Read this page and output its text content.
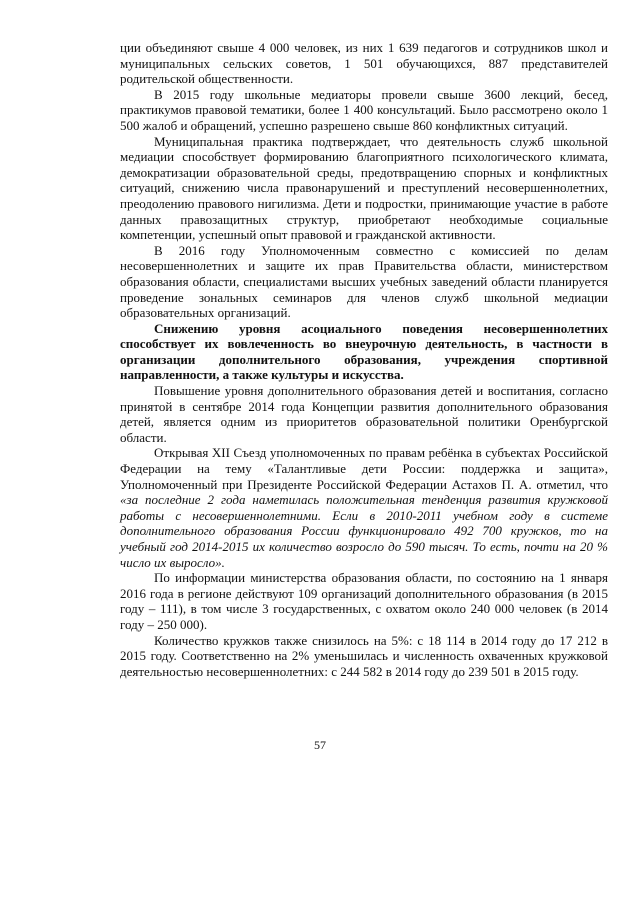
ции объединяют свыше 4 000 человек, из них 1 639 педагогов и сотрудников школ и муниципальных сельских советов, 1 501 обучающихся, 887 представителей родительской общественности.

В 2015 году школьные медиаторы провели свыше 3600 лекций, бесед, практикумов правовой тематики, более 1 400 консультаций. Было рассмотрено около 1 500 жалоб и обращений, успешно разрешено свыше 860 конфликтных ситуаций.

Муниципальная практика подтверждает, что деятельность служб школьной медиации способствует формированию благоприятного психологического климата, демократизации образовательной среды, предотвращению спорных и конфликтных ситуаций, снижению числа правонарушений и преступлений несовершеннолетних, преодолению правового нигилизма. Дети и подростки, принимающие участие в работе данных правозащитных структур, приобретают необходимые социальные компетенции, успешный опыт правовой и гражданской активности.

В 2016 году Уполномоченным совместно с комиссией по делам несовершеннолетних и защите их прав Правительства области, министерством образования области, специалистами высших учебных заведений области планируется проведение зональных семинаров для членов служб школьной медиации образовательных организаций.

Снижению уровня асоциального поведения несовершеннолетних способствует их вовлеченность во внеурочную деятельность, в частности в организации дополнительного образования, учреждения спортивной направленности, а также культуры и искусства.

Повышение уровня дополнительного образования детей и воспитания, согласно принятой в сентябре 2014 года Концепции развития дополнительного образования детей, является одним из приоритетов образовательной политики Оренбургской области.

Открывая XII Съезд уполномоченных по правам ребёнка в субъектах Российской Федерации на тему «Талантливые дети России: поддержка и защита», Уполномоченный при Президенте Российской Федерации Астахов П. А. отметил, что «за последние 2 года наметилась положительная тенденция развития кружковой работы с несовершеннолетними. Если в 2010-2011 учебном году в системе дополнительного образования России функционировало 492 700 кружков, то на учебный год 2014-2015 их количество возросло до 590 тысяч. То есть, почти на 20 % число их выросло».

По информации министерства образования области, по состоянию на 1 января 2016 года в регионе действуют 109 организаций дополнительного образования (в 2015 году – 111), в том числе 3 государственных, с охватом около 240 000 человек (в 2014 году – 250 000).

Количество кружков также снизилось на 5%: с 18 114 в 2014 году до 17 212 в 2015 году. Соответственно на 2% уменьшилась и численность охваченных кружковой деятельностью несовершеннолетних: с 244 582 в 2014 году до 239 501 в 2015 году.

57
